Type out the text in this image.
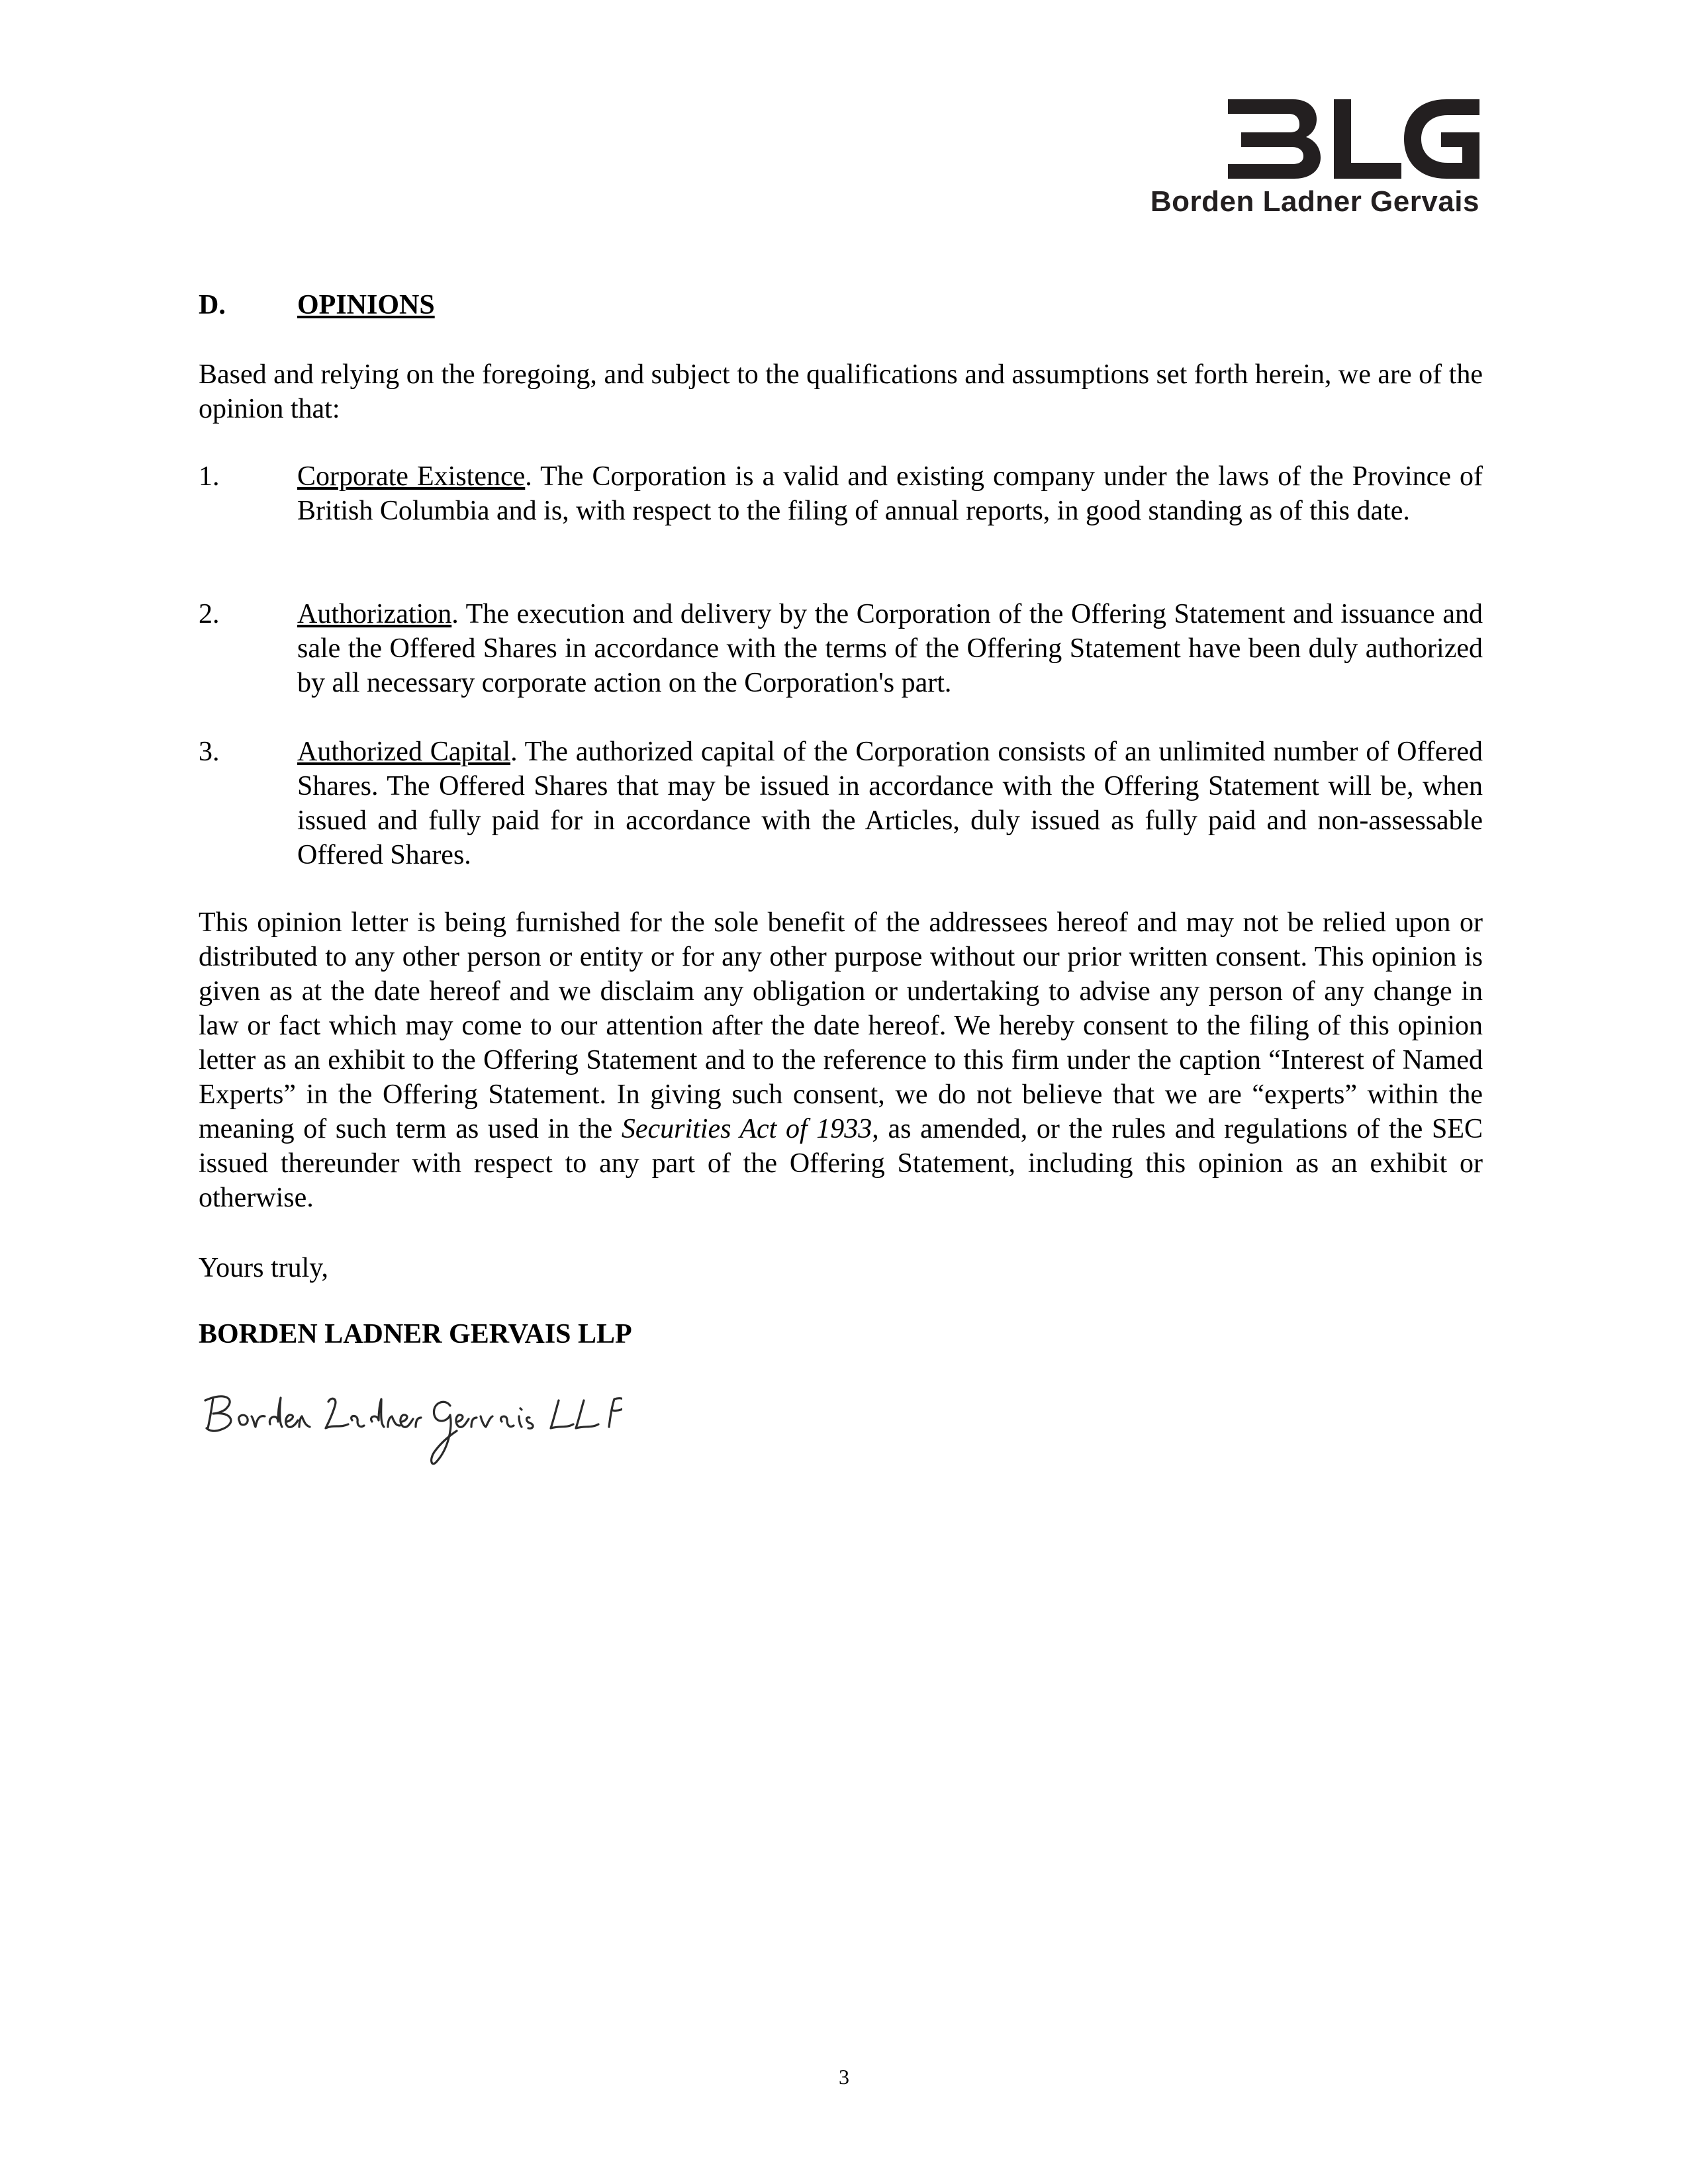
Borden Ladner Gervais
D.	OPINIONS
Based and relying on the foregoing, and subject to the qualifications and assumptions set forth herein, we are of the opinion that:
1.	Corporate Existence. The Corporation is a valid and existing company under the laws of the Province of British Columbia and is, with respect to the filing of annual reports, in good standing as of this date.
2.	Authorization. The execution and delivery by the Corporation of the Offering Statement and issuance and sale the Offered Shares in accordance with the terms of the Offering Statement have been duly authorized by all necessary corporate action on the Corporation's part.
3.	Authorized Capital. The authorized capital of the Corporation consists of an unlimited number of Offered Shares. The Offered Shares that may be issued in accordance with the Offering Statement will be, when issued and fully paid for in accordance with the Articles, duly issued as fully paid and non-assessable Offered Shares.
This opinion letter is being furnished for the sole benefit of the addressees hereof and may not be relied upon or distributed to any other person or entity or for any other purpose without our prior written consent. This opinion is given as at the date hereof and we disclaim any obligation or undertaking to advise any person of any change in law or fact which may come to our attention after the date hereof. We hereby consent to the filing of this opinion letter as an exhibit to the Offering Statement and to the reference to this firm under the caption “Interest of Named Experts” in the Offering Statement. In giving such consent, we do not believe that we are “experts” within the meaning of such term as used in the Securities Act of 1933, as amended, or the rules and regulations of the SEC issued thereunder with respect to any part of the Offering Statement, including this opinion as an exhibit or otherwise.
Yours truly,
BORDEN LADNER GERVAIS LLP
3
